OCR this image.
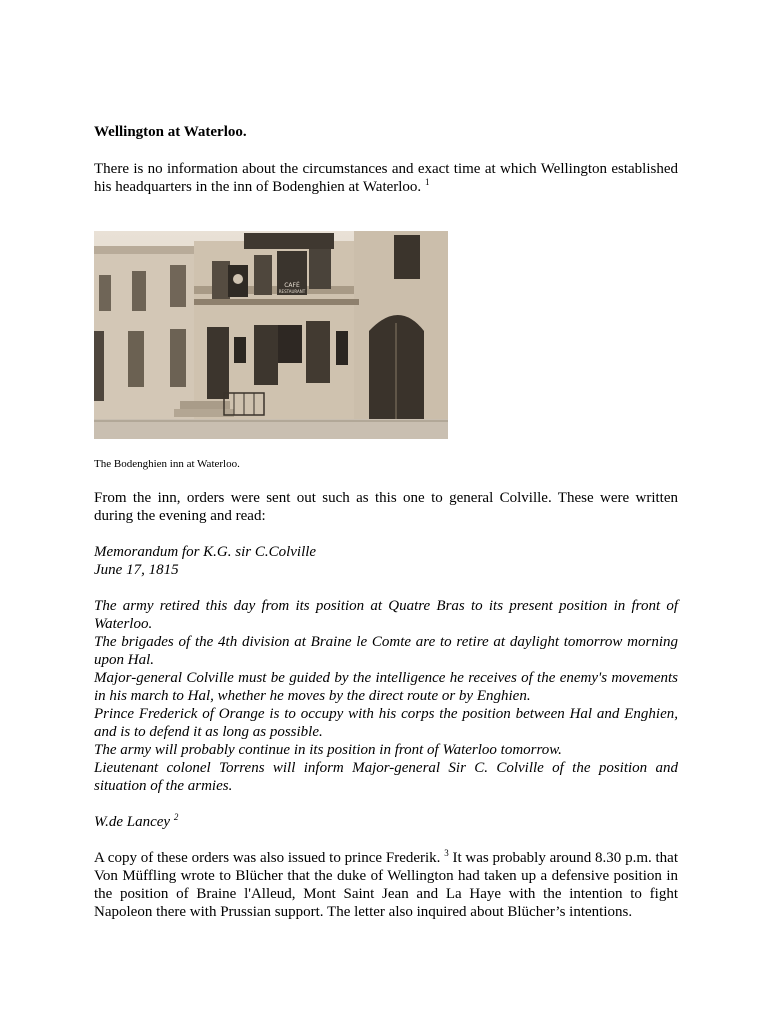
Wellington at Waterloo.
There is no information about the circumstances and exact time at which Wellington established his headquarters in the inn of Bodenghien at Waterloo. $^1$
CAFÉ
RESTAURANT
The Bodenghien inn at Waterloo.
From the inn, orders were sent out such as this one to general Colville. These were written during the evening and read:
Memorandum for K.G. sir C.Colville
June 17, 1815
The army retired this day from its position at Quatre Bras to its present position in front of Waterloo.
The brigades of the 4th division at Braine le Comte are to retire at daylight tomorrow morning upon Hal.
Major-general Colville must be guided by the intelligence he receives of the enemy's movements in his march to Hal, whether he moves by the direct route or by Enghien.
Prince Frederick of Orange is to occupy with his corps the position between Hal and Enghien, and is to defend it as long as possible.
The army will probably continue in its position in front of Waterloo tomorrow.
Lieutenant colonel Torrens will inform Major-general Sir C. Colville of the position and situation of the armies.
W.de Lancey $^2$
A copy of these orders was also issued to prince Frederik. $^3$ It was probably around 8.30 p.m. that Von Müffling wrote to Blücher that the duke of Wellington had taken up a defensive position in the position of Braine l'Alleud, Mont Saint Jean and La Haye with the intention to fight Napoleon there with Prussian support. The letter also inquired about Blücher’s intentions.
